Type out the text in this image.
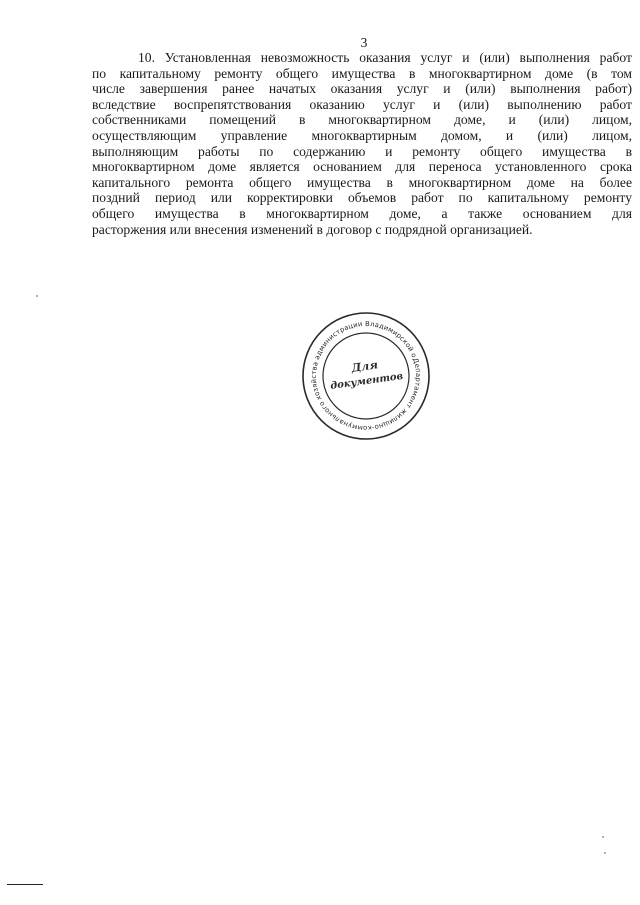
3
10. Установленная невозможность оказания услуг и (или) выполнения работ
по капитальному ремонту общего имущества в многоквартирном доме (в том
числе завершения ранее начатых оказания услуг и (или) выполнения работ)
вследствие воспрепятствования оказанию услуг и (или) выполнению работ
собственниками помещений в многоквартирном доме, и (или) лицом,
осуществляющим управление многоквартирным домом, и (или) лицом,
выполняющим работы по содержанию и ремонту общего имущества в
многоквартирном доме является основанием для переноса установленного срока
капитального ремонта общего имущества в многоквартирном доме на более
поздний период или корректировки объемов работ по капитальному ремонту
общего имущества в многоквартирном доме, а также основанием для
расторжения или внесения изменений в договор с подрядной организацией.
Департамент жилищно-коммунального хозяйства администрации Владимирской области
Для
документов
